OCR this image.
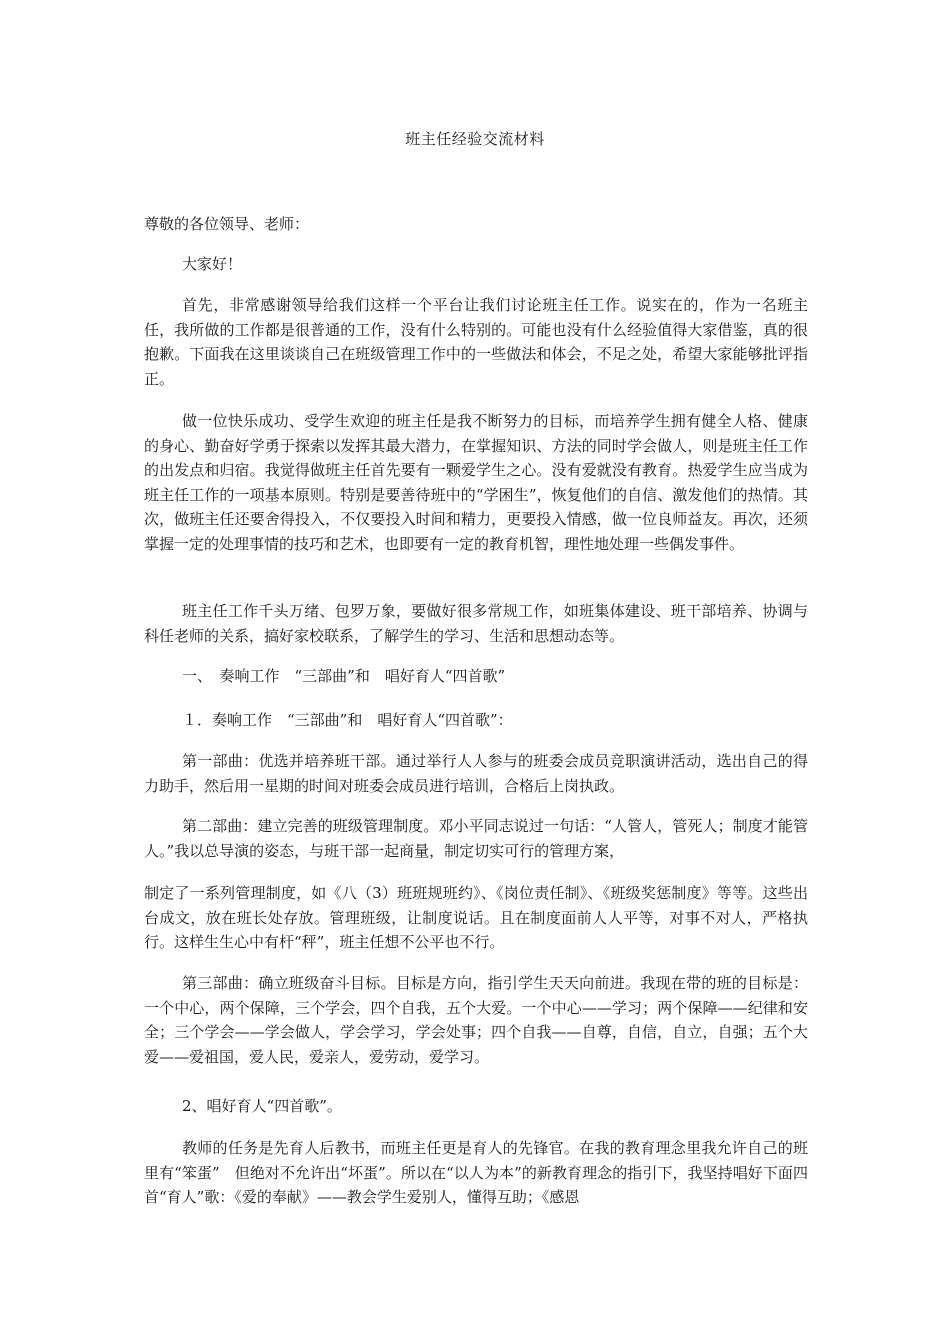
班主任经验交流材料

尊敬的各位领导、老师：

大家好！

首先，非常感谢领导给我们这样一个平台让我们讨论班主任工作。说实在的，作为一名班主任，我所做的工作都是很普通的工作，没有什么特别的。可能也没有什么经验值得大家借鉴，真的很抱歉。下面我在这里谈谈自己在班级管理工作中的一些做法和体会，不足之处，希望大家能够批评指正。

做一位快乐成功、受学生欢迎的班主任是我不断努力的目标，而培养学生拥有健全人格、健康的身心、勤奋好学勇于探索以发挥其最大潜力，在掌握知识、方法的同时学会做人，则是班主任工作的出发点和归宿。我觉得做班主任首先要有一颗爱学生之心。没有爱就没有教育。热爱学生应当成为班主任工作的一项基本原则。特别是要善待班中的“学困生”，恢复他们的自信、激发他们的热情。其次，做班主任还要舍得投入，不仅要投入时间和精力，更要投入情感，做一位良师益友。再次，还须掌握一定的处理事情的技巧和艺术，也即要有一定的教育机智，理性地处理一些偶发事件。

班主任工作千头万绪、包罗万象，要做好很多常规工作，如班集体建设、班干部培养、协调与科任老师的关系，搞好家校联系，了解学生的学习、生活和思想动态等。

一、　奏响工作　“三部曲”和　唱好育人“四首歌”

１．奏响工作　“三部曲”和　唱好育人“四首歌”：

第一部曲：优选并培养班干部。通过举行人人参与的班委会成员竞职演讲活动，选出自己的得力助手，然后用一星期的时间对班委会成员进行培训，合格后上岗执政。

第二部曲：建立完善的班级管理制度。邓小平同志说过一句话：“人管人，管死人；制度才能管人。”我以总导演的姿态，与班干部一起商量，制定切实可行的管理方案，

制定了一系列管理制度，如《八（3）班班规班约》、《岗位责任制》、《班级奖惩制度》等等。这些出台成文，放在班长处存放。管理班级，让制度说话。且在制度面前人人平等，对事不对人，严格执行。这样生生心中有杆“秤”，班主任想不公平也不行。

第三部曲：确立班级奋斗目标。目标是方向，指引学生天天向前进。我现在带的班的目标是：一个中心，两个保障，三个学会，四个自我，五个大爱。一个中心——学习；两个保障——纪律和安全；三个学会——学会做人，学会学习，学会处事；四个自我——自尊，自信，自立，自强；五个大爱——爱祖国，爱人民，爱亲人，爱劳动，爱学习。

2、唱好育人“四首歌”。

教师的任务是先育人后教书，而班主任更是育人的先锋官。在我的教育理念里我允许自己的班里有“笨蛋”　但绝对不允许出“坏蛋”。所以在“以人为本”的新教育理念的指引下，我坚持唱好下面四首“育人”歌：《爱的奉献》——教会学生爱别人，懂得互助；《感恩
